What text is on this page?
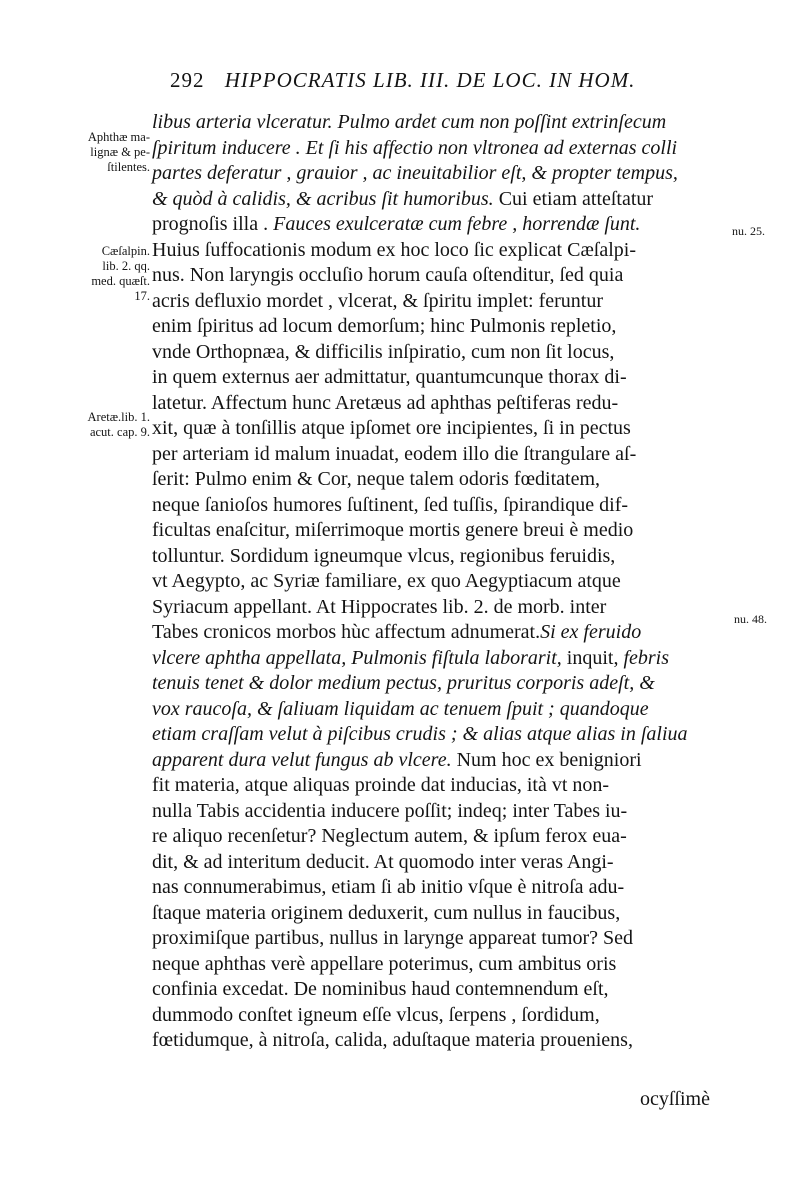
292 HIPPOCRATIS LIB. III. DE LOC. IN HOM.
libus arteria vlceratur. Pulmo ardet cum non poſſint extrinſecum
ſpiritum inducere . Et ſi his affectio non vltronea ad externas colli
partes deferatur , grauior , ac ineuitabilior eſt, & propter tempus,
& quòd à calidis, & acribus ſit humoribus. Cui etiam atteſtatur
prognoſis illa . Fauces exulceratæ cum febre , horrendæ ſunt.
Huius ſuffocationis modum ex hoc loco ſic explicat Cæſalpi-
nus. Non laryngis occluſio horum cauſa oſtenditur, ſed quia
acris defluxio mordet , vlcerat, & ſpiritu implet: feruntur
enim ſpiritus ad locum demorſum; hinc Pulmonis repletio,
vnde Orthopnæa, & difficilis inſpiratio, cum non ſit locus,
in quem externus aer admittatur, quantumcunque thorax di-
latetur. Affectum hunc Aretæus ad aphthas peſtiferas redu-
xit, quæ à tonſillis atque ipſomet ore incipientes, ſi in pectus
per arteriam id malum inuadat, eodem illo die ſtrangulare aſ-
ſerit: Pulmo enim & Cor, neque talem odoris fœditatem,
neque ſanioſos humores ſuſtinent, ſed tuſſis, ſpirandique dif-
ficultas enaſcitur, miſerrimoque mortis genere breui è medio
tolluntur. Sordidum igneumque vlcus, regionibus feruidis,
vt Aegypto, ac Syriæ familiare, ex quo Aegyptiacum atque
Syriacum appellant. At Hippocrates lib. 2. de morb. inter
Tabes cronicos morbos hùc affectum adnumerat.Si ex feruido
vlcere aphtha appellata, Pulmonis fiſtula laborarit, inquit, febris
tenuis tenet & dolor medium pectus, pruritus corporis adeſt, &
vox raucoſa, & ſaliuam liquidam ac tenuem ſpuit ; quandoque
etiam craſſam velut à piſcibus crudis ; & alias atque alias in ſaliua
apparent dura velut fungus ab vlcere. Num hoc ex benigniori
fit materia, atque aliquas proinde dat inducias, ità vt non-
nulla Tabis accidentia inducere poſſit; indeq; inter Tabes iu-
re aliquo recenſetur? Neglectum autem, & ipſum ferox eua-
dit, & ad interitum deducit. At quomodo inter veras Angi-
nas connumerabimus, etiam ſi ab initio vſque è nitroſa adu-
ſtaque materia originem deduxerit, cum nullus in faucibus,
proximiſque partibus, nullus in larynge appareat tumor? Sed
neque aphthas verè appellare poterimus, cum ambitus oris
confinia excedat. De nominibus haud contemnendum eſt,
dummodo conſtet igneum eſſe vlcus, ſerpens , ſordidum,
fœtidumque, à nitroſa, calida, aduſtaque materia proueniens,
Aphthæ ma-
lignæ & pe-
ſtilentes.
Cæſalpin.
lib. 2. qq.
med. quæſt.
17.
Aretæ.lib. 1.
acut. cap. 9.
nu. 25.
nu. 48.
ocyſſimè
